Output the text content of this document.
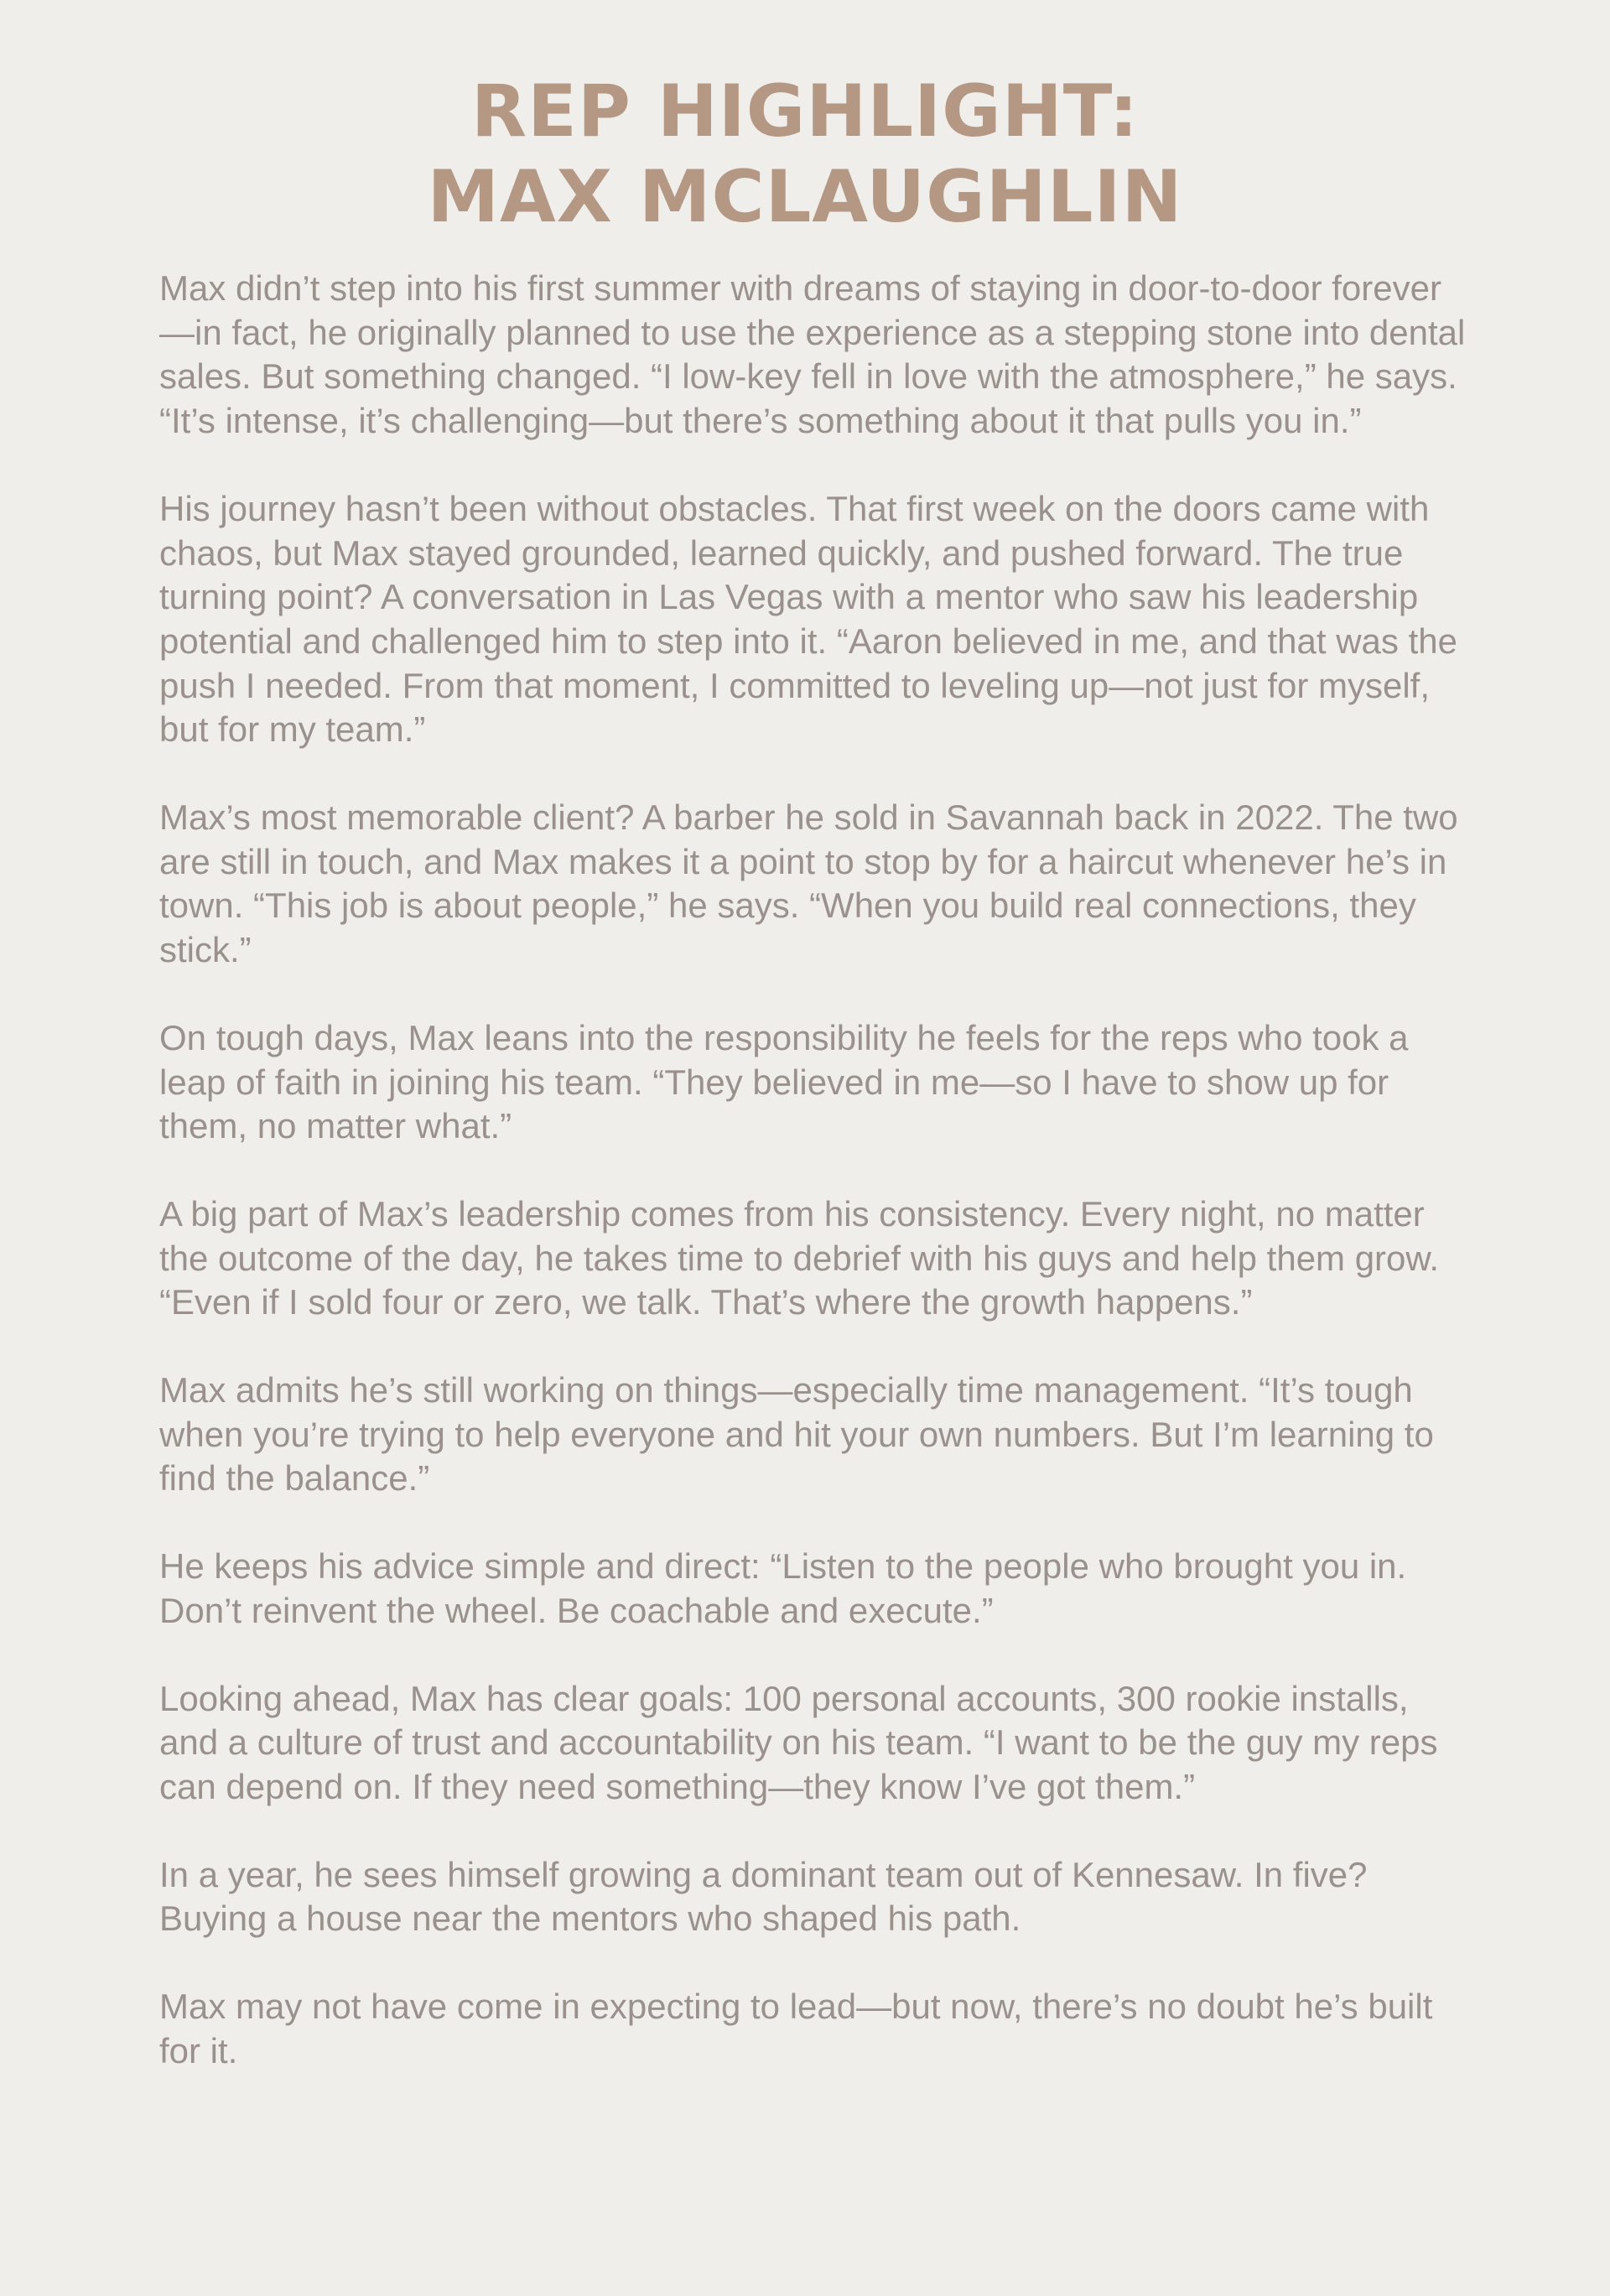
REP HIGHLIGHT:
MAX MCLAUGHLIN

Max didn’t step into his first summer with dreams of staying in door-to-door forever—in fact, he originally planned to use the experience as a stepping stone into dental sales. But something changed. “I low-key fell in love with the atmosphere,” he says. “It’s intense, it’s challenging—but there’s something about it that pulls you in.”

His journey hasn’t been without obstacles. That first week on the doors came with chaos, but Max stayed grounded, learned quickly, and pushed forward. The true turning point? A conversation in Las Vegas with a mentor who saw his leadership potential and challenged him to step into it. “Aaron believed in me, and that was the push I needed. From that moment, I committed to leveling up—not just for myself, but for my team.”

Max’s most memorable client? A barber he sold in Savannah back in 2022. The two are still in touch, and Max makes it a point to stop by for a haircut whenever he’s in town. “This job is about people,” he says. “When you build real connections, they stick.”

On tough days, Max leans into the responsibility he feels for the reps who took a leap of faith in joining his team. “They believed in me—so I have to show up for them, no matter what.”

A big part of Max’s leadership comes from his consistency. Every night, no matter the outcome of the day, he takes time to debrief with his guys and help them grow. “Even if I sold four or zero, we talk. That’s where the growth happens.”

Max admits he’s still working on things—especially time management. “It’s tough when you’re trying to help everyone and hit your own numbers. But I’m learning to find the balance.”

He keeps his advice simple and direct: “Listen to the people who brought you in. Don’t reinvent the wheel. Be coachable and execute.”

Looking ahead, Max has clear goals: 100 personal accounts, 300 rookie installs, and a culture of trust and accountability on his team. “I want to be the guy my reps can depend on. If they need something—they know I’ve got them.”

In a year, he sees himself growing a dominant team out of Kennesaw. In five? Buying a house near the mentors who shaped his path.

Max may not have come in expecting to lead—but now, there’s no doubt he’s built for it.
